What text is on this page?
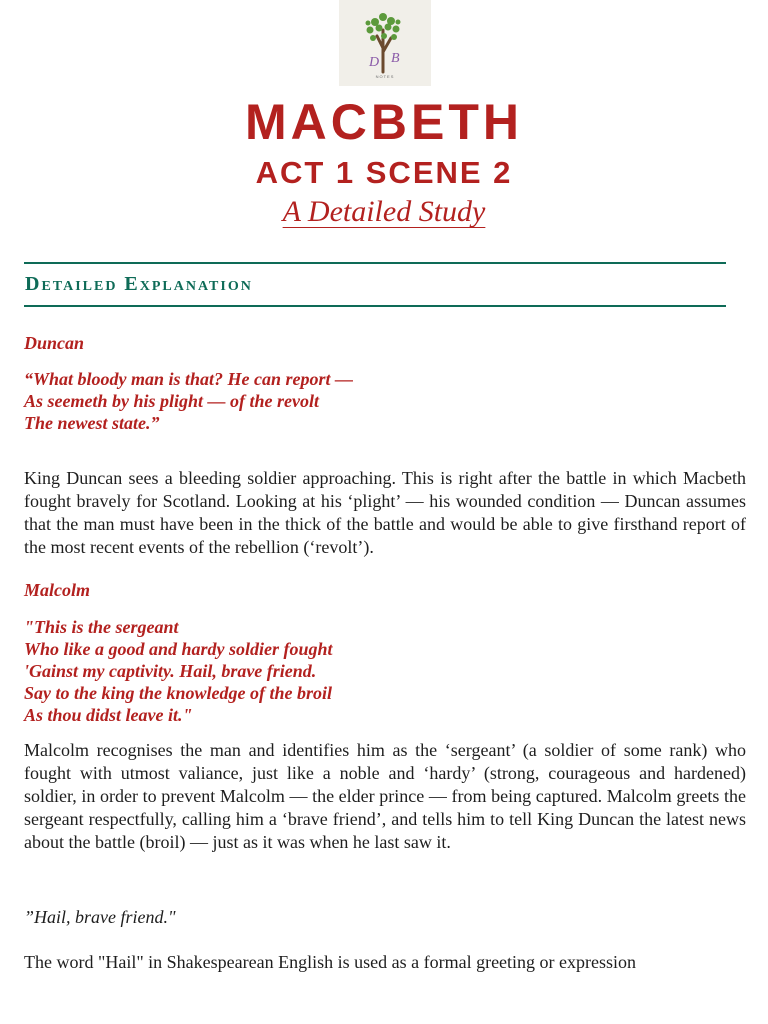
D B
NOTES
MACBETH
ACT 1 SCENE 2
A Detailed Study
Detailed Explanation

Duncan

“What bloody man is that? He can report —
As seemeth by his plight — of the revolt
The newest state.”

King Duncan sees a bleeding soldier approaching. This is right after the battle in which Macbeth fought bravely for Scotland. Looking at his ‘plight’ — his wounded condition — Duncan assumes that the man must have been in the thick of the battle and would be able to give firsthand report of the most recent events of the rebellion (‘revolt’).

Malcolm

"This is the sergeant
Who like a good and hardy soldier fought
'Gainst my captivity. Hail, brave friend.
Say to the king the knowledge of the broil
As thou didst leave it."

Malcolm recognises the man and identifies him as the ‘sergeant’ (a soldier of some rank) who fought with utmost valiance, just like a noble and ‘hardy’ (strong, courageous and hardened) soldier, in order to prevent Malcolm — the elder prince — from being captured. Malcolm greets the sergeant respectfully, calling him a ‘brave friend’, and tells him to tell King Duncan the latest news about the battle (broil) — just as it was when he last saw it.

”Hail, brave friend."

The word "Hail" in Shakespearean English is used as a formal greeting or expression
